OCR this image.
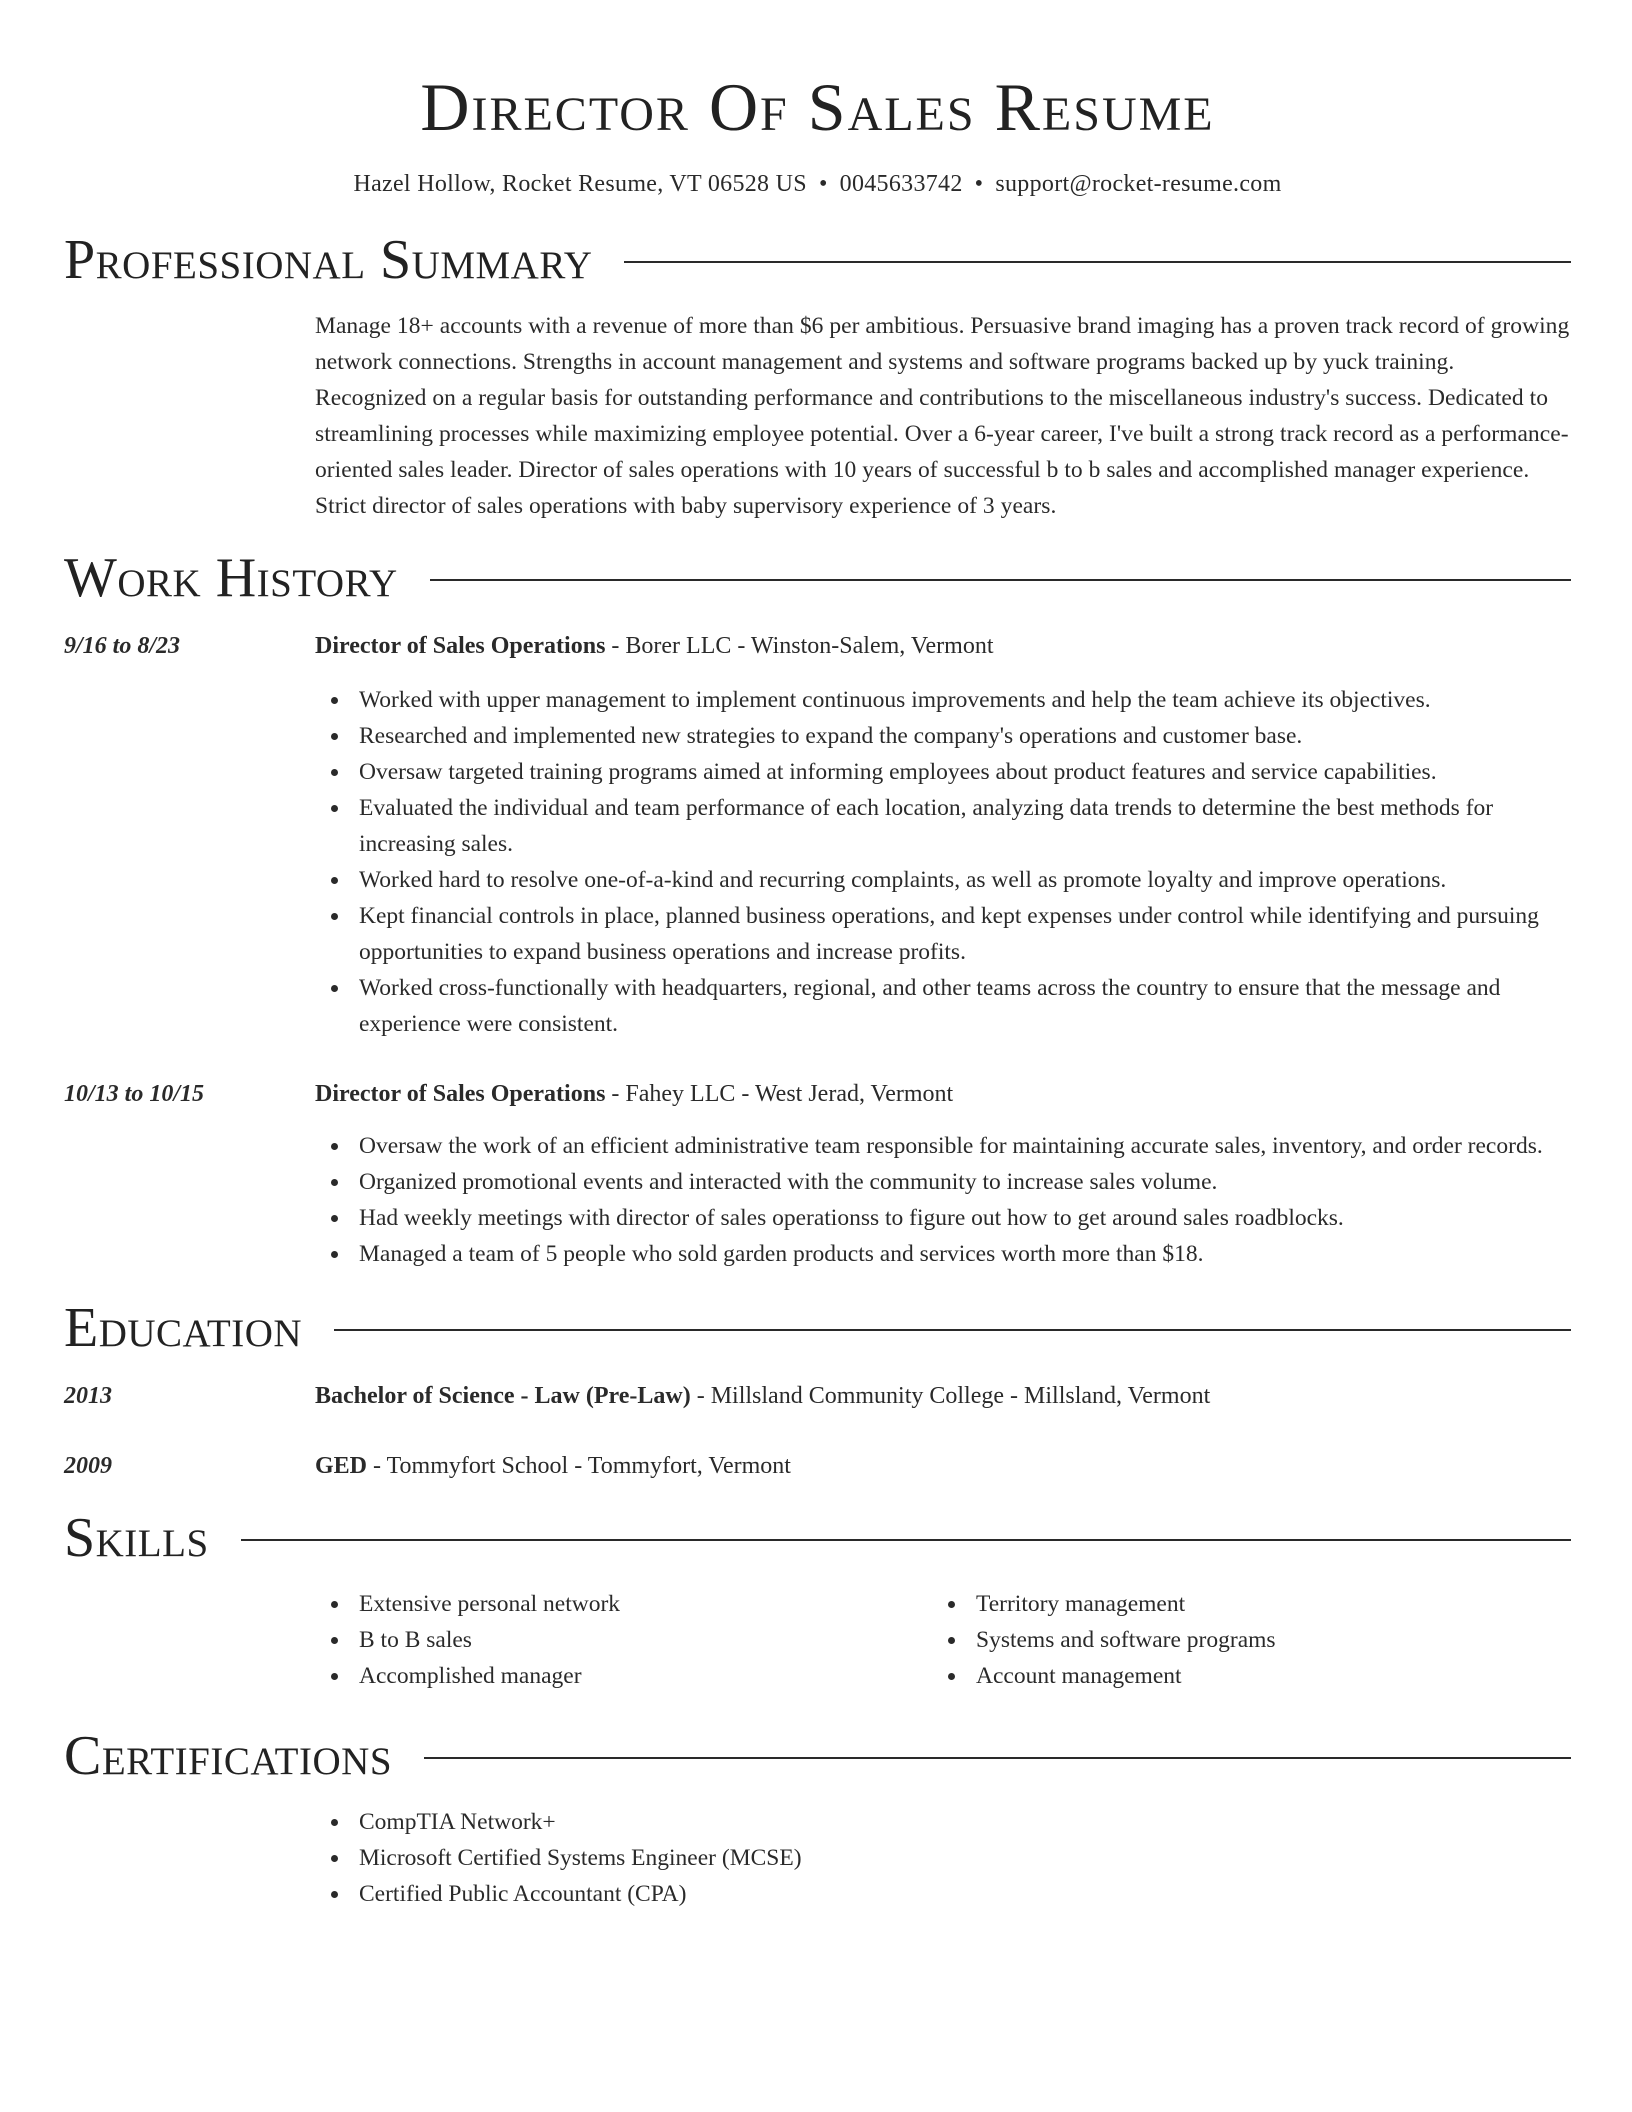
Director Of Sales Resume
Hazel Hollow, Rocket Resume, VT 06528 US • 0045633742 • support@rocket-resume.com
Professional Summary
Manage 18+ accounts with a revenue of more than $6 per ambitious. Persuasive brand imaging has a proven track record of growing network connections. Strengths in account management and systems and software programs backed up by yuck training. Recognized on a regular basis for outstanding performance and contributions to the miscellaneous industry's success. Dedicated to streamlining processes while maximizing employee potential. Over a 6-year career, I've built a strong track record as a performance-oriented sales leader. Director of sales operations with 10 years of successful b to b sales and accomplished manager experience. Strict director of sales operations with baby supervisory experience of 3 years.
Work History
9/16 to 8/23	Director of Sales Operations - Borer LLC - Winston-Salem, Vermont
Worked with upper management to implement continuous improvements and help the team achieve its objectives.
Researched and implemented new strategies to expand the company's operations and customer base.
Oversaw targeted training programs aimed at informing employees about product features and service capabilities.
Evaluated the individual and team performance of each location, analyzing data trends to determine the best methods for increasing sales.
Worked hard to resolve one-of-a-kind and recurring complaints, as well as promote loyalty and improve operations.
Kept financial controls in place, planned business operations, and kept expenses under control while identifying and pursuing opportunities to expand business operations and increase profits.
Worked cross-functionally with headquarters, regional, and other teams across the country to ensure that the message and experience were consistent.
10/13 to 10/15	Director of Sales Operations - Fahey LLC - West Jerad, Vermont
Oversaw the work of an efficient administrative team responsible for maintaining accurate sales, inventory, and order records.
Organized promotional events and interacted with the community to increase sales volume.
Had weekly meetings with director of sales operationss to figure out how to get around sales roadblocks.
Managed a team of 5 people who sold garden products and services worth more than $18.
Education
2013	Bachelor of Science - Law (Pre-Law) - Millsland Community College - Millsland, Vermont
2009	GED - Tommyfort School - Tommyfort, Vermont
Skills
Extensive personal network
B to B sales
Accomplished manager
Territory management
Systems and software programs
Account management
Certifications
CompTIA Network+
Microsoft Certified Systems Engineer (MCSE)
Certified Public Accountant (CPA)
